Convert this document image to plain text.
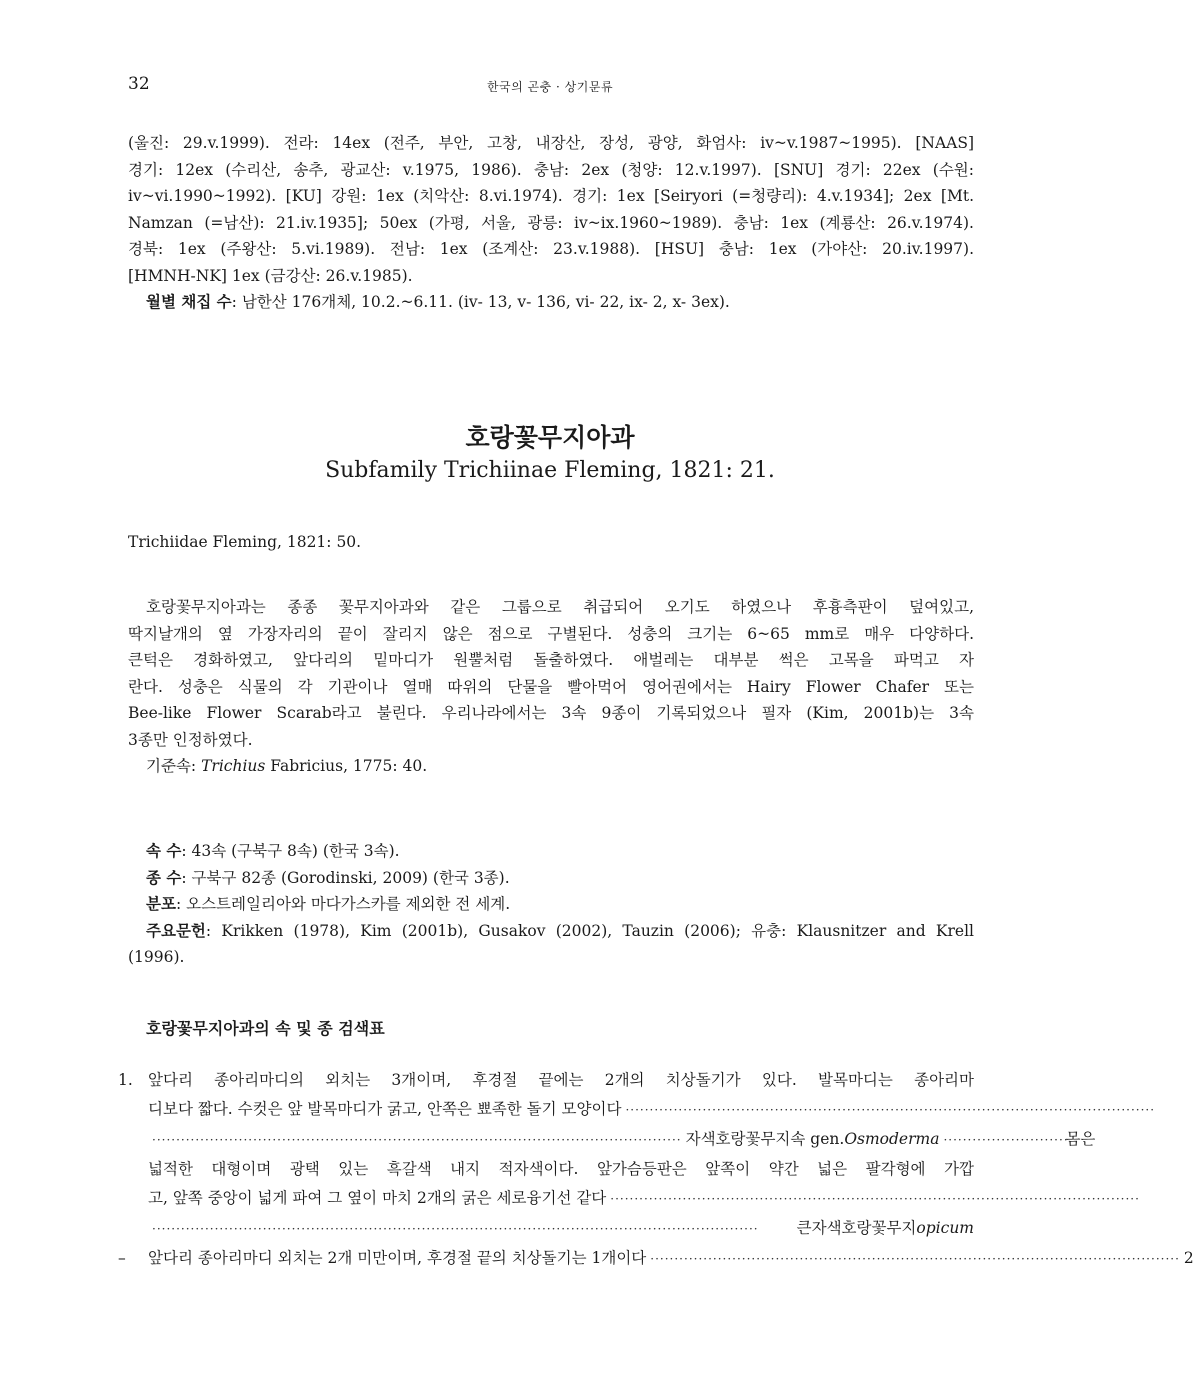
32	한국의 곤충 · 상기문류
(울진: 29.v.1999). 전라: 14ex (전주, 부안, 고창, 내장산, 장성, 광양, 화엄사: iv~v.1987~1995). [NAAS]
경기: 12ex (수리산, 송추, 광교산: v.1975, 1986). 충남: 2ex (청양: 12.v.1997). [SNU] 경기: 22ex (수원:
iv~vi.1990~1992). [KU] 강원: 1ex (치악산: 8.vi.1974). 경기: 1ex [Seiryori (=청량리): 4.v.1934]; 2ex [Mt.
Namzan (=남산): 21.iv.1935]; 50ex (가평, 서울, 광릉: iv~ix.1960~1989). 충남: 1ex (계룡산: 26.v.1974).
경북: 1ex (주왕산: 5.vi.1989). 전남: 1ex (조계산: 23.v.1988). [HSU] 충남: 1ex (가야산: 20.iv.1997).
[HMNH-NK] 1ex (금강산: 26.v.1985).
월별 채집 수: 남한산 176개체, 10.2.~6.11. (iv- 13, v- 136, vi- 22, ix- 2, x- 3ex).
호랑꽃무지아과
Subfamily Trichiinae Fleming, 1821: 21.
Trichiidae Fleming, 1821: 50.
호랑꽃무지아과는 종종 꽃무지아과와 같은 그룹으로 취급되어 오기도 하였으나 후흉측판이 덮여있고,
딱지날개의 옆 가장자리의 끝이 잘리지 않은 점으로 구별된다. 성충의 크기는 6~65 mm로 매우 다양하다.
큰턱은 경화하였고, 앞다리의 밑마디가 원뿔처럼 돌출하였다. 애벌레는 대부분 썩은 고목을 파먹고 자
란다. 성충은 식물의 각 기관이나 열매 따위의 단물을 빨아먹어 영어권에서는 Hairy Flower Chafer 또는
Bee-like Flower Scarab라고 불린다. 우리나라에서는 3속 9종이 기록되었으나 필자 (Kim, 2001b)는 3속
3종만 인정하였다.
기준속: Trichius Fabricius, 1775: 40.
속 수: 43속 (구북구 8속) (한국 3속).
종 수: 구북구 82종 (Gorodinski, 2009) (한국 3종).
분포: 오스트레일리아와 마다가스카를 제외한 전 세계.
주요문헌: Krikken (1978), Kim (2001b), Gusakov (2002), Tauzin (2006); 유충: Klausnitzer and Krell
(1996).
호랑꽃무지아과의 속 및 종 검색표
1. 앞다리 종아리마디의 외치는 3개이며, 후경절 끝에는 2개의 치상돌기가 있다. 발목마디는 종아리마
디보다 짧다. 수컷은 앞 발목마디가 굵고, 안쪽은 뾰족한 돌기 모양이다 ··············································································································
·············································································································· 자색호랑꽃무지속 gen. Osmoderma ··························
몸은
넓적한 대형이며 광택 있는 흑갈색 내지 적자색이다. 앞가슴등판은 앞쪽이 약간 넓은 팔각형에 가깝
고, 앞쪽 중앙이 넓게 파여 그 옆이 마치 2개의 굵은 세로융기선 같다 ··············································································································
······························································································································	큰자색호랑꽃무지 opicum
–	앞다리 종아리마디 외치는 2개 미만이며, 후경절 끝의 치상돌기는 1개이다 ·············································································································· 2
